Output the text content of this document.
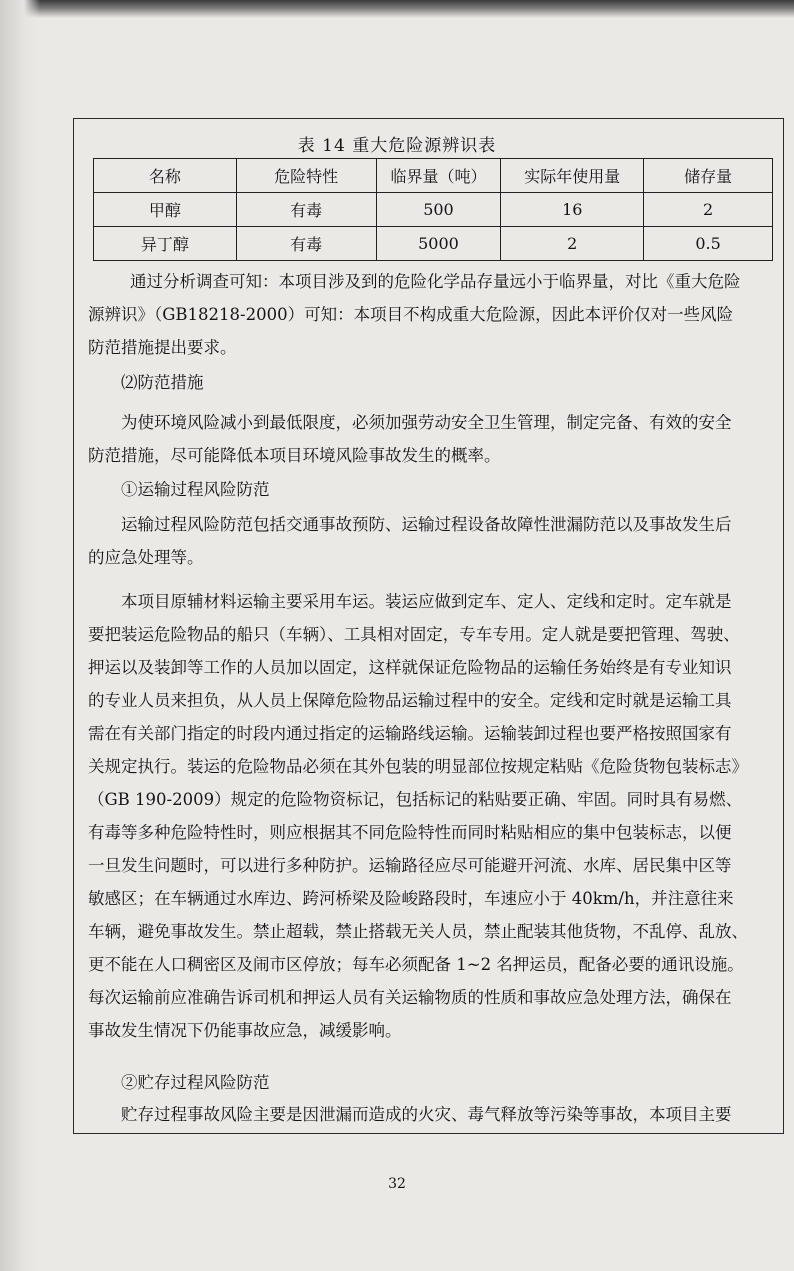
表 14 重大危险源辨识表
名称	危险特性	临界量（吨）	实际年使用量	储存量
甲醇	有毒	500	16	2
异丁醇	有毒	5000	2	0.5
通过分析调查可知：本项目涉及到的危险化学品存量远小于临界量，对比《重大危险
源辨识》（GB18218-2000）可知：本项目不构成重大危险源，因此本评价仅对一些风险
防范措施提出要求。
⑵防范措施
为使环境风险减小到最低限度，必须加强劳动安全卫生管理，制定完备、有效的安全
防范措施，尽可能降低本项目环境风险事故发生的概率。
①运输过程风险防范
运输过程风险防范包括交通事故预防、运输过程设备故障性泄漏防范以及事故发生后
的应急处理等。
本项目原辅材料运输主要采用车运。装运应做到定车、定人、定线和定时。定车就是
要把装运危险物品的船只（车辆）、工具相对固定，专车专用。定人就是要把管理、驾驶、
押运以及装卸等工作的人员加以固定，这样就保证危险物品的运输任务始终是有专业知识
的专业人员来担负，从人员上保障危险物品运输过程中的安全。定线和定时就是运输工具
需在有关部门指定的时段内通过指定的运输路线运输。运输装卸过程也要严格按照国家有
关规定执行。装运的危险物品必须在其外包装的明显部位按规定粘贴《危险货物包装标志》
（GB 190-2009）规定的危险物资标记，包括标记的粘贴要正确、牢固。同时具有易燃、
有毒等多种危险特性时，则应根据其不同危险特性而同时粘贴相应的集中包装标志，以便
一旦发生问题时，可以进行多种防护。运输路径应尽可能避开河流、水库、居民集中区等
敏感区；在车辆通过水库边、跨河桥梁及险峻路段时，车速应小于 40km/h，并注意往来
车辆，避免事故发生。禁止超载，禁止搭载无关人员，禁止配装其他货物，不乱停、乱放、
更不能在人口稠密区及闹市区停放；每车必须配备 1~2 名押运员，配备必要的通讯设施。
每次运输前应准确告诉司机和押运人员有关运输物质的性质和事故应急处理方法，确保在
事故发生情况下仍能事故应急，减缓影响。
②贮存过程风险防范
贮存过程事故风险主要是因泄漏而造成的火灾、毒气释放等污染等事故，本项目主要
32
